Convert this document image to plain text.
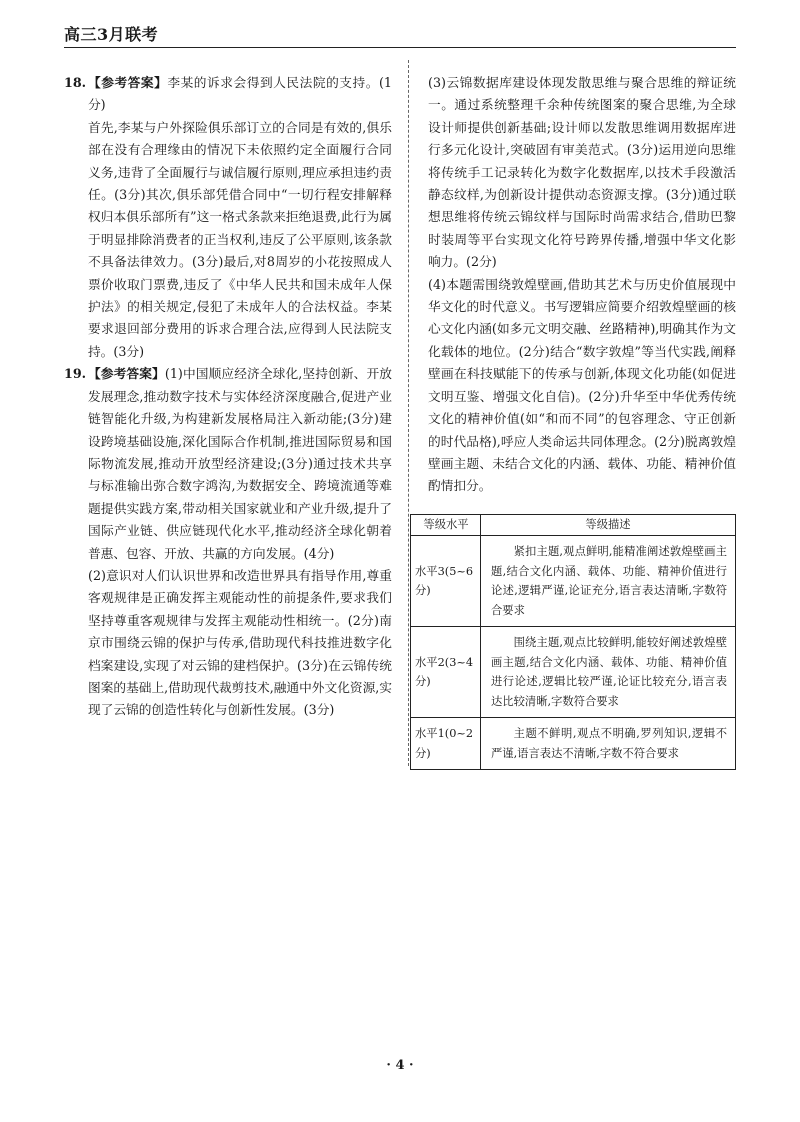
高三3月联考
18. 【参考答案】李某的诉求会得到人民法院的支持。(1分)
首先,李某与户外探险俱乐部订立的合同是有效的,俱乐部在没有合理缘由的情况下未依照约定全面履行合同义务,违背了全面履行与诚信履行原则,理应承担违约责任。(3分)其次,俱乐部凭借合同中“一切行程安排解释权归本俱乐部所有”这一格式条款来拒绝退费,此行为属于明显排除消费者的正当权利,违反了公平原则,该条款不具备法律效力。(3分)最后,对8周岁的小花按照成人票价收取门票费,违反了《中华人民共和国未成年人保护法》的相关规定,侵犯了未成年人的合法权益。李某要求退回部分费用的诉求合理合法,应得到人民法院支持。(3分)
19. 【参考答案】(1)中国顺应经济全球化,坚持创新、开放发展理念,推动数字技术与实体经济深度融合,促进产业链智能化升级,为构建新发展格局注入新动能;(3分)建设跨境基础设施,深化国际合作机制,推进国际贸易和国际物流发展,推动开放型经济建设;(3分)通过技术共享与标准输出弥合数字鸿沟,为数据安全、跨境流通等难题提供实践方案,带动相关国家就业和产业升级,提升了国际产业链、供应链现代化水平,推动经济全球化朝着普惠、包容、开放、共赢的方向发展。(4分)
(2)意识对人们认识世界和改造世界具有指导作用,尊重客观规律是正确发挥主观能动性的前提条件,要求我们坚持尊重客观规律与发挥主观能动性相统一。(2分)南京市围绕云锦的保护与传承,借助现代科技推进数字化档案建设,实现了对云锦的建档保护。(3分)在云锦传统图案的基础上,借助现代裁剪技术,融通中外文化资源,实现了云锦的创造性转化与创新性发展。(3分)
(3)云锦数据库建设体现发散思维与聚合思维的辩证统一。通过系统整理千余种传统图案的聚合思维,为全球设计师提供创新基础;设计师以发散思维调用数据库进行多元化设计,突破固有审美范式。(3分)运用逆向思维将传统手工记录转化为数字化数据库,以技术手段激活静态纹样,为创新设计提供动态资源支撑。(3分)通过联想思维将传统云锦纹样与国际时尚需求结合,借助巴黎时装周等平台实现文化符号跨界传播,增强中华文化影响力。(2分)
(4)本题需围绕敦煌壁画,借助其艺术与历史价值展现中华文化的时代意义。书写逻辑应简要介绍敦煌壁画的核心文化内涵(如多元文明交融、丝路精神),明确其作为文化载体的地位。(2分)结合“数字敦煌”等当代实践,阐释壁画在科技赋能下的传承与创新,体现文化功能(如促进文明互鉴、增强文化自信)。(2分)升华至中华优秀传统文化的精神价值(如“和而不同”的包容理念、守正创新的时代品格),呼应人类命运共同体理念。(2分)脱离敦煌壁画主题、未结合文化的内涵、载体、功能、精神价值酌情扣分。
等级水平	等级描述
水平3(5~6分)	紧扣主题,观点鲜明,能精准阐述敦煌壁画主题,结合文化内涵、载体、功能、精神价值进行论述,逻辑严谨,论证充分,语言表达清晰,字数符合要求

水平2(3~4分)	围绕主题,观点比较鲜明,能较好阐述敦煌壁画主题,结合文化内涵、载体、功能、精神价值进行论述,逻辑比较严谨,论证比较充分,语言表达比较清晰,字数符合要求

水平1(0~2分)	主题不鲜明,观点不明确,罗列知识,逻辑不严谨,语言表达不清晰,字数不符合要求
· 4 ·
